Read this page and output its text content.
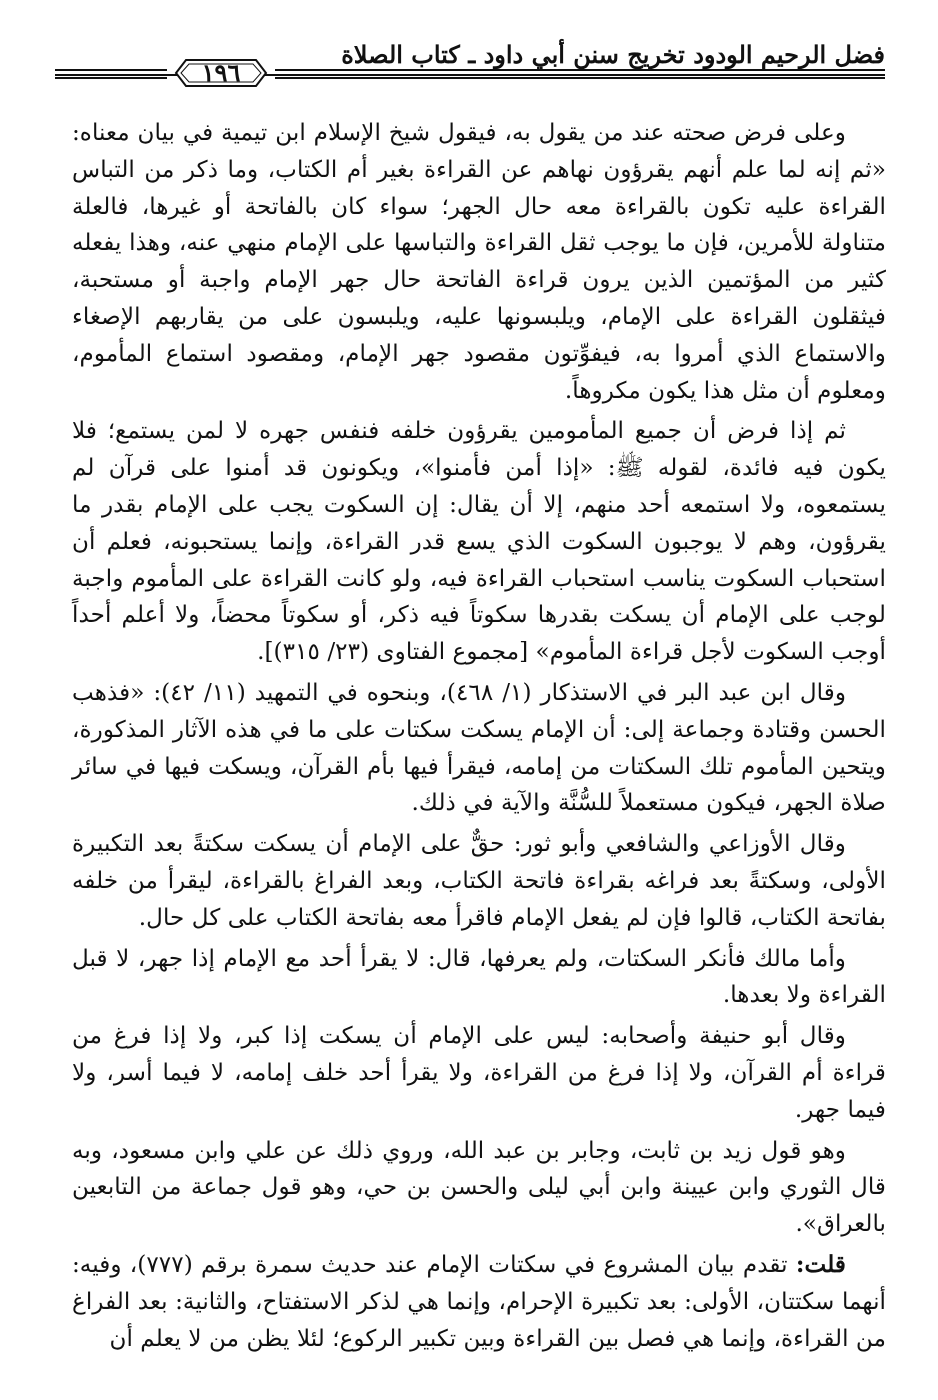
فضل الرحيم الودود تخريج سنن أبي داود ـ كتاب الصلاة
١٩٦

وعلى فرض صحته عند من يقول به، فيقول شيخ الإسلام ابن تيمية في بيان معناه: «ثم إنه لما علم أنهم يقرؤون نهاهم عن القراءة بغير أم الكتاب، وما ذكر من التباس القراءة عليه تكون بالقراءة معه حال الجهر؛ سواء كان بالفاتحة أو غيرها، فالعلة متناولة للأمرين، فإن ما يوجب ثقل القراءة والتباسها على الإمام منهي عنه، وهذا يفعله كثير من المؤتمين الذين يرون قراءة الفاتحة حال جهر الإمام واجبة أو مستحبة، فيثقلون القراءة على الإمام، ويلبسونها عليه، ويلبسون على من يقاربهم الإصغاء والاستماع الذي أمروا به، فيفوِّتون مقصود جهر الإمام، ومقصود استماع المأموم، ومعلوم أن مثل هذا يكون مكروهاً.

ثم إذا فرض أن جميع المأمومين يقرؤون خلفه فنفس جهره لا لمن يستمع؛ فلا يكون فيه فائدة، لقوله ﷺ: «إذا أمن فأمنوا»، ويكونون قد أمنوا على قرآن لم يستمعوه، ولا استمعه أحد منهم، إلا أن يقال: إن السكوت يجب على الإمام بقدر ما يقرؤون، وهم لا يوجبون السكوت الذي يسع قدر القراءة، وإنما يستحبونه، فعلم أن استحباب السكوت يناسب استحباب القراءة فيه، ولو كانت القراءة على المأموم واجبة لوجب على الإمام أن يسكت بقدرها سكوتاً فيه ذكر، أو سكوتاً محضاً، ولا أعلم أحداً أوجب السكوت لأجل قراءة المأموم» [مجموع الفتاوى (٢٣/ ٣١٥)].

وقال ابن عبد البر في الاستذكار (١/ ٤٦٨)، وبنحوه في التمهيد (١١/ ٤٢): «فذهب الحسن وقتادة وجماعة إلى: أن الإمام يسكت سكتات على ما في هذه الآثار المذكورة، ويتحين المأموم تلك السكتات من إمامه، فيقرأ فيها بأم القرآن، ويسكت فيها في سائر صلاة الجهر، فيكون مستعملاً للسُّنَّة والآية في ذلك.

وقال الأوزاعي والشافعي وأبو ثور: حقٌّ على الإمام أن يسكت سكتةً بعد التكبيرة الأولى، وسكتةً بعد فراغه بقراءة فاتحة الكتاب، وبعد الفراغ بالقراءة، ليقرأ من خلفه بفاتحة الكتاب، قالوا فإن لم يفعل الإمام فاقرأ معه بفاتحة الكتاب على كل حال.

وأما مالك فأنكر السكتات، ولم يعرفها، قال: لا يقرأ أحد مع الإمام إذا جهر، لا قبل القراءة ولا بعدها.

وقال أبو حنيفة وأصحابه: ليس على الإمام أن يسكت إذا كبر، ولا إذا فرغ من قراءة أم القرآن، ولا إذا فرغ من القراءة، ولا يقرأ أحد خلف إمامه، لا فيما أسر، ولا فيما جهر.

وهو قول زيد بن ثابت، وجابر بن عبد الله، وروي ذلك عن علي وابن مسعود، وبه قال الثوري وابن عيينة وابن أبي ليلى والحسن بن حي، وهو قول جماعة من التابعين بالعراق».

قلت: تقدم بيان المشروع في سكتات الإمام عند حديث سمرة برقم (٧٧٧)، وفيه: أنهما سكتتان، الأولى: بعد تكبيرة الإحرام، وإنما هي لذكر الاستفتاح، والثانية: بعد الفراغ من القراءة، وإنما هي فصل بين القراءة وبين تكبير الركوع؛ لئلا يظن من لا يعلم أن
